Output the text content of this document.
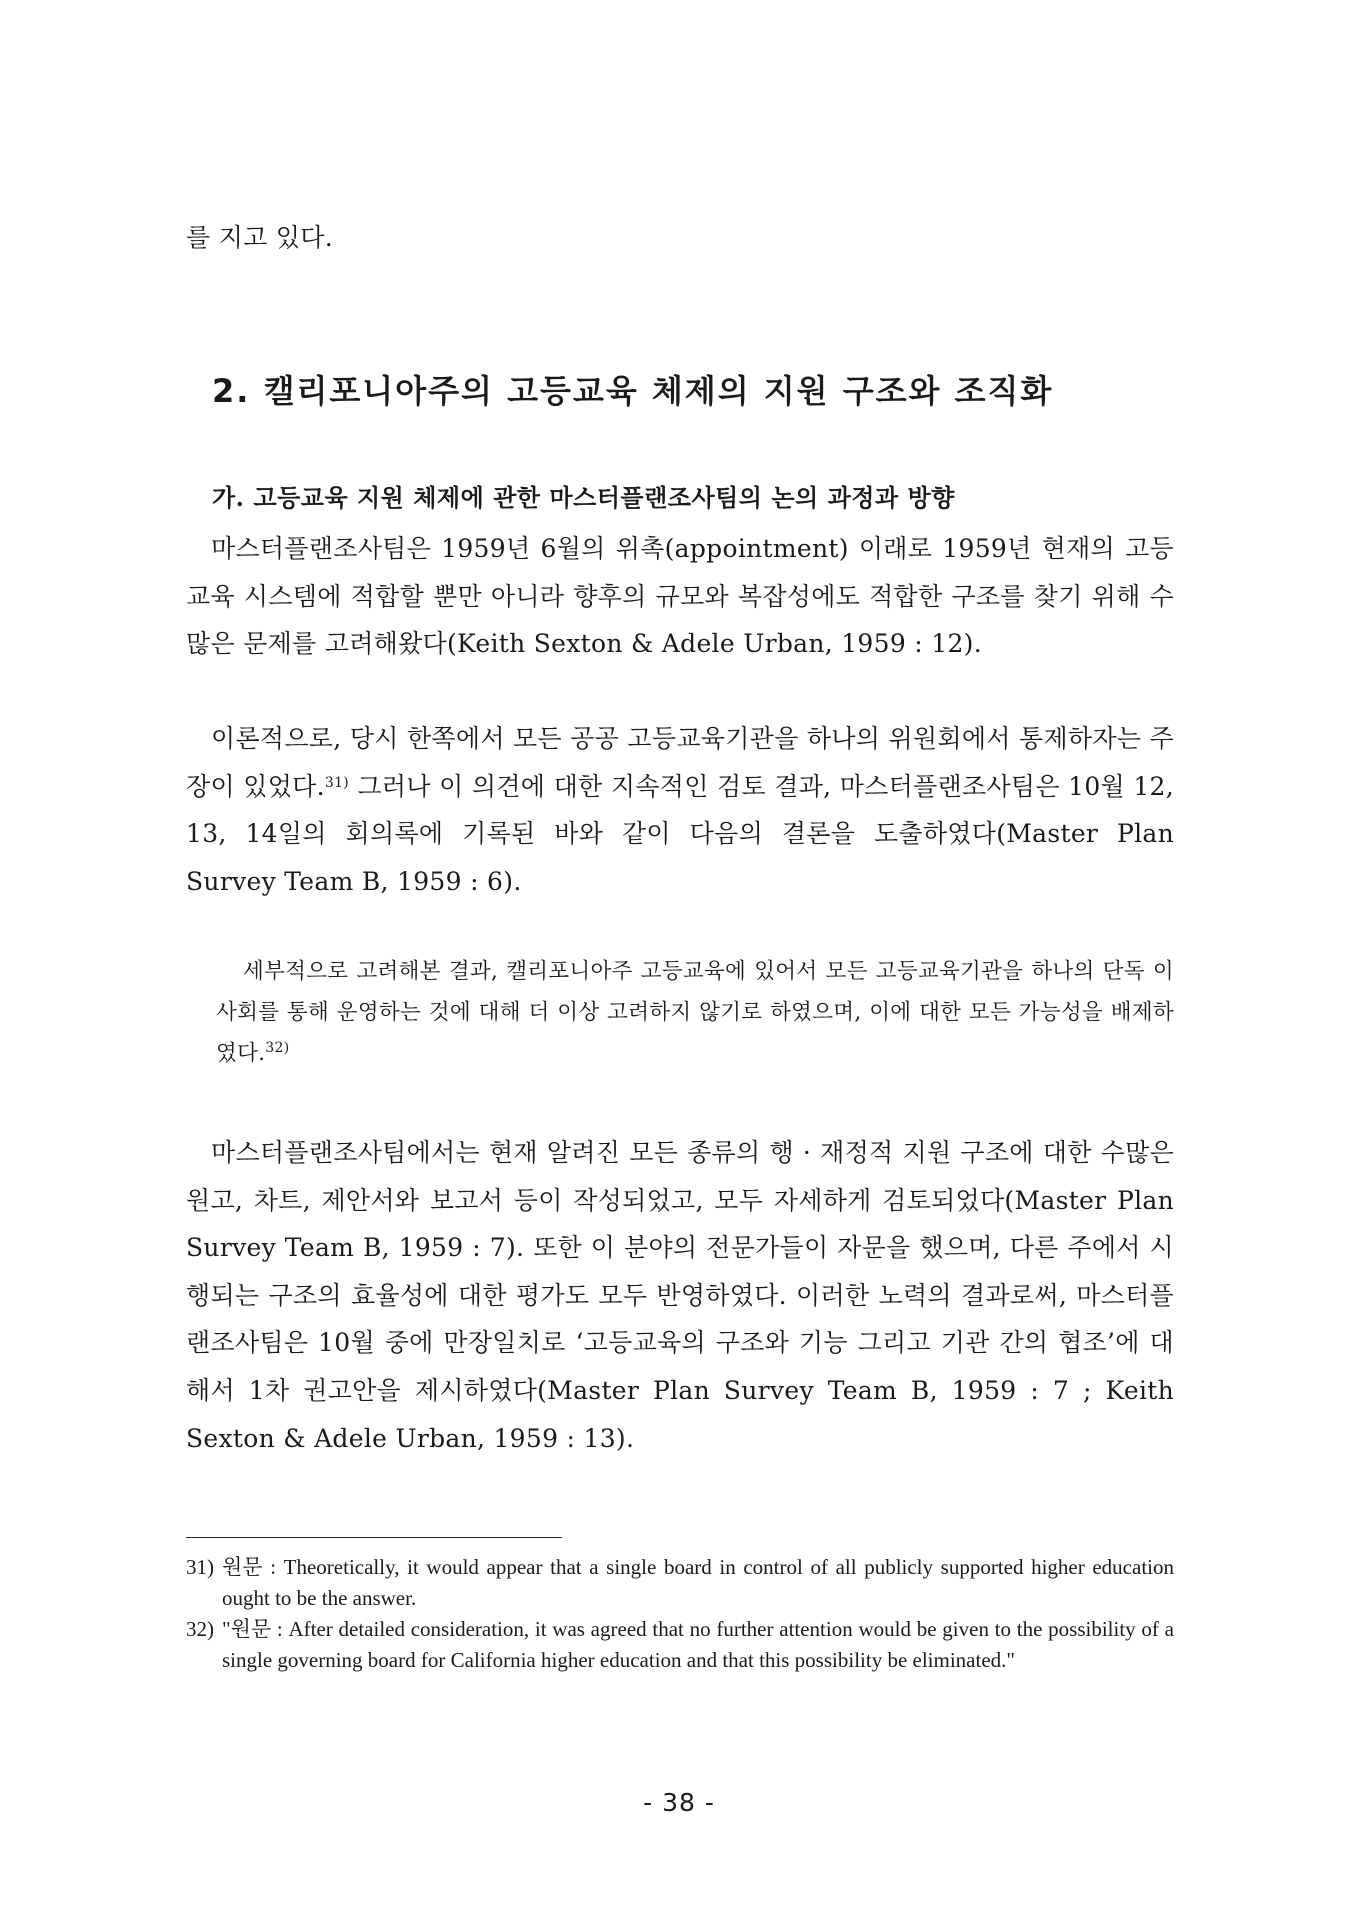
를 지고 있다.

2. 캘리포니아주의 고등교육 체제의 지원 구조와 조직화
가. 고등교육 지원 체제에 관한 마스터플랜조사팀의 논의 과정과 방향

마스터플랜조사팀은 1959년 6월의 위촉(appointment) 이래로 1959년 현재의 고등교육 시스템에 적합할 뿐만 아니라 향후의 규모와 복잡성에도 적합한 구조를 찾기 위해 수많은 문제를 고려해왔다(Keith Sexton & Adele Urban, 1959 : 12).

이론적으로, 당시 한쪽에서 모든 공공 고등교육기관을 하나의 위원회에서 통제하자는 주장이 있었다.$^{31)}$ 그러나 이 의견에 대한 지속적인 검토 결과, 마스터플랜조사팀은 10월 12, 13, 14일의 회의록에 기록된 바와 같이 다음의 결론을 도출하였다(Master Plan Survey Team B, 1959 : 6).

세부적으로 고려해본 결과, 캘리포니아주 고등교육에 있어서 모든 고등교육기관을 하나의 단독 이사회를 통해 운영하는 것에 대해 더 이상 고려하지 않기로 하였으며, 이에 대한 모든 가능성을 배제하였다.$^{32)}$

마스터플랜조사팀에서는 현재 알려진 모든 종류의 행 · 재정적 지원 구조에 대한 수많은 원고, 차트, 제안서와 보고서 등이 작성되었고, 모두 자세하게 검토되었다(Master Plan Survey Team B, 1959 : 7). 또한 이 분야의 전문가들이 자문을 했으며, 다른 주에서 시행되는 구조의 효율성에 대한 평가도 모두 반영하였다. 이러한 노력의 결과로써, 마스터플랜조사팀은 10월 중에 만장일치로 ‘고등교육의 구조와 기능 그리고 기관 간의 협조’에 대해서 1차 권고안을 제시하였다(Master Plan Survey Team B, 1959 : 7 ; Keith Sexton & Adele Urban, 1959 : 13).

31) 원문 : Theoretically, it would appear that a single board in control of all publicly supported higher education ought to be the answer.
32) "원문 : After detailed consideration, it was agreed that no further attention would be given to the possibility of a single governing board for California higher education and that this possibility be eliminated."
- 38 -
